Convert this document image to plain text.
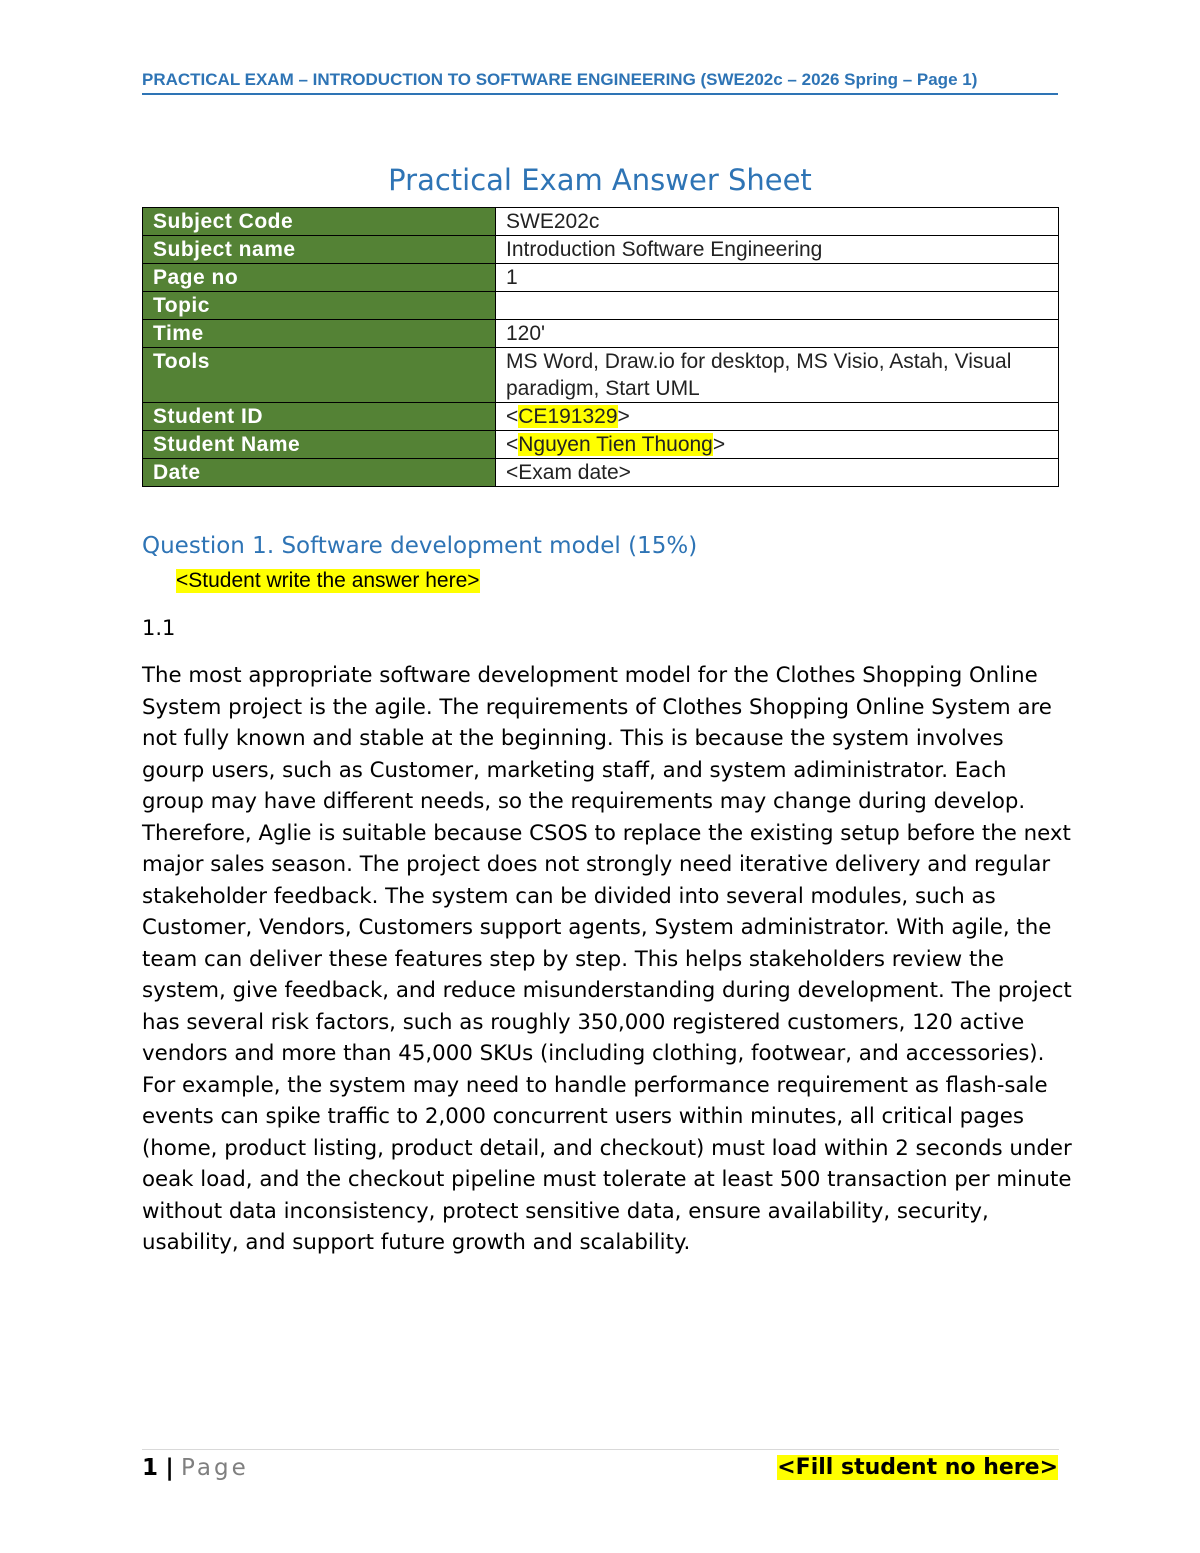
PRACTICAL EXAM – INTRODUCTION TO SOFTWARE ENGINEERING (SWE202c – 2026 Spring – Page 1)
Practical Exam Answer Sheet
Subject Code	SWE202c
Subject name	Introduction Software Engineering
Page no	1
Topic	
Time	120'
Tools	MS Word, Draw.io for desktop, MS Visio, Astah, Visual paradigm, Start UML
Student ID	<CE191329>
Student Name	<Nguyen Tien Thuong>
Date	<Exam date>
Question 1. Software development model (15%)
<Student write the answer here>
1.1

The most appropriate software development model for the Clothes Shopping Online System project is the agile. The requirements of Clothes Shopping Online System are not fully known and stable at the beginning. This is because the system involves gourp users, such as Customer, marketing staff, and system adiministrator. Each group may have different needs, so the requirements may change during develop. Therefore, Aglie is suitable because CSOS to replace the existing setup before the next major sales season. The project does not strongly need iterative delivery and regular stakeholder feedback. The system can be divided into several modules, such as Customer, Vendors, Customers support agents, System administrator. With agile, the team can deliver these features step by step. This helps stakeholders review the system, give feedback, and reduce misunderstanding during development. The project has several risk factors, such as roughly 350,000 registered customers, 120 active vendors and more than 45,000 SKUs (including clothing, footwear, and accessories). For example, the system may need to handle performance requirement as flash-sale events can spike traffic to 2,000 concurrent users within minutes, all critical pages (home, product listing, product detail, and checkout) must load within 2 seconds under oeak load, and the checkout pipeline must tolerate at least 500 transaction per minute without data inconsistency, protect sensitive data, ensure availability, security, usability, and support future growth and scalability.

1 | Page	<Fill student no here>
